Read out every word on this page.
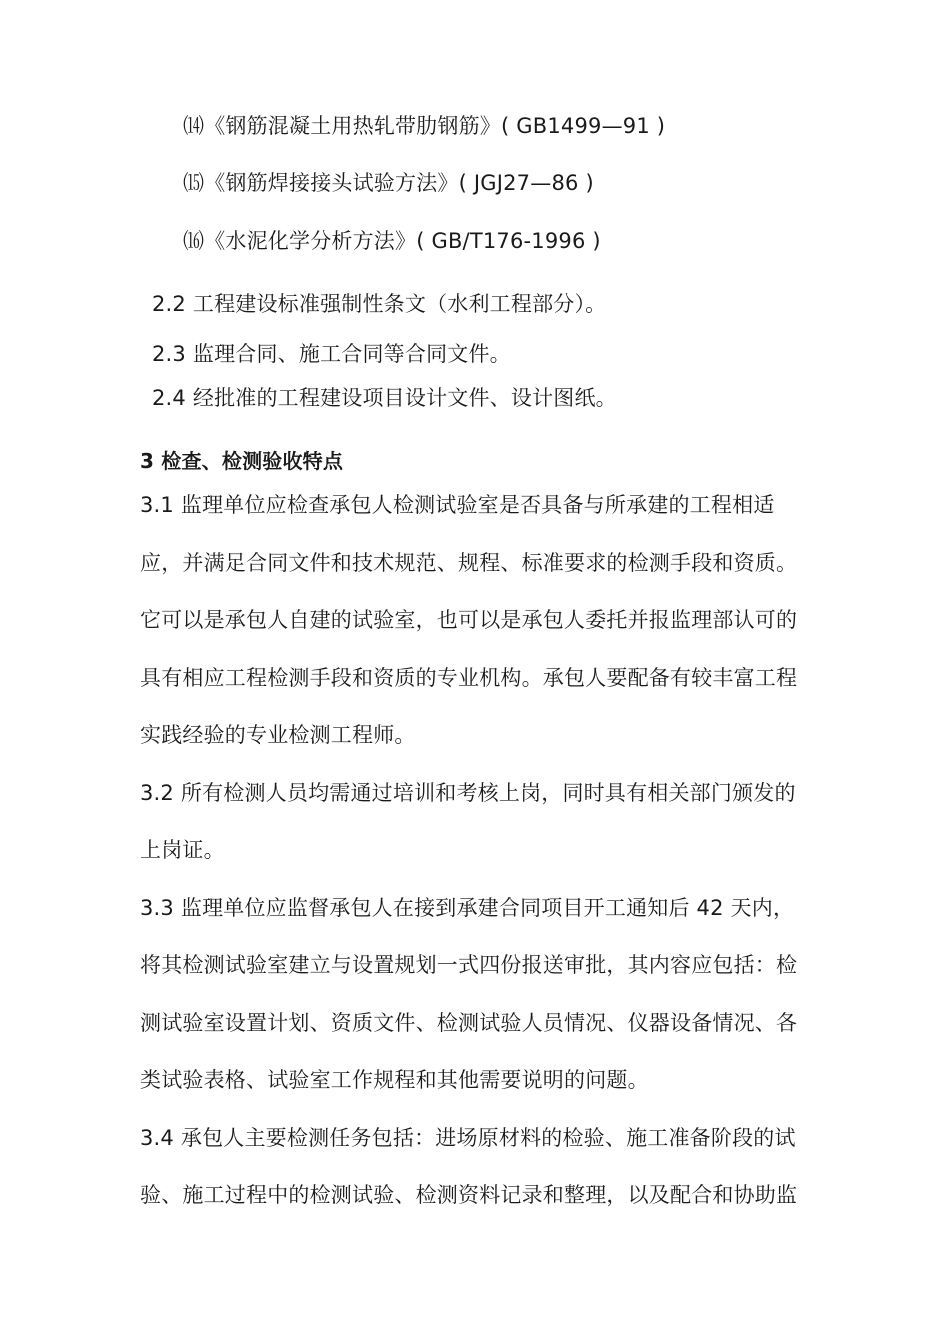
⒁《钢筋混凝土用热轧带肋钢筋》( GB1499—91 )
⒂《钢筋焊接接头试验方法》( JGJ27—86 )
⒃《水泥化学分析方法》( GB/T176-1996 )
2.2 工程建设标准强制性条文（水利工程部分）。
2.3 监理合同、施工合同等合同文件。
2.4 经批准的工程建设项目设计文件、设计图纸。
3 检查、检测验收特点
3.1 监理单位应检查承包人检测试验室是否具备与所承建的工程相适
应，并满足合同文件和技术规范、规程、标准要求的检测手段和资质。
它可以是承包人自建的试验室，也可以是承包人委托并报监理部认可的
具有相应工程检测手段和资质的专业机构。承包人要配备有较丰富工程
实践经验的专业检测工程师。
3.2 所有检测人员均需通过培训和考核上岗，同时具有相关部门颁发的
上岗证。
3.3 监理单位应监督承包人在接到承建合同项目开工通知后 42 天内，
将其检测试验室建立与设置规划一式四份报送审批，其内容应包括：检
测试验室设置计划、资质文件、检测试验人员情况、仪器设备情况、各
类试验表格、试验室工作规程和其他需要说明的问题。
3.4 承包人主要检测任务包括：进场原材料的检验、施工准备阶段的试
验、施工过程中的检测试验、检测资料记录和整理，以及配合和协助监
